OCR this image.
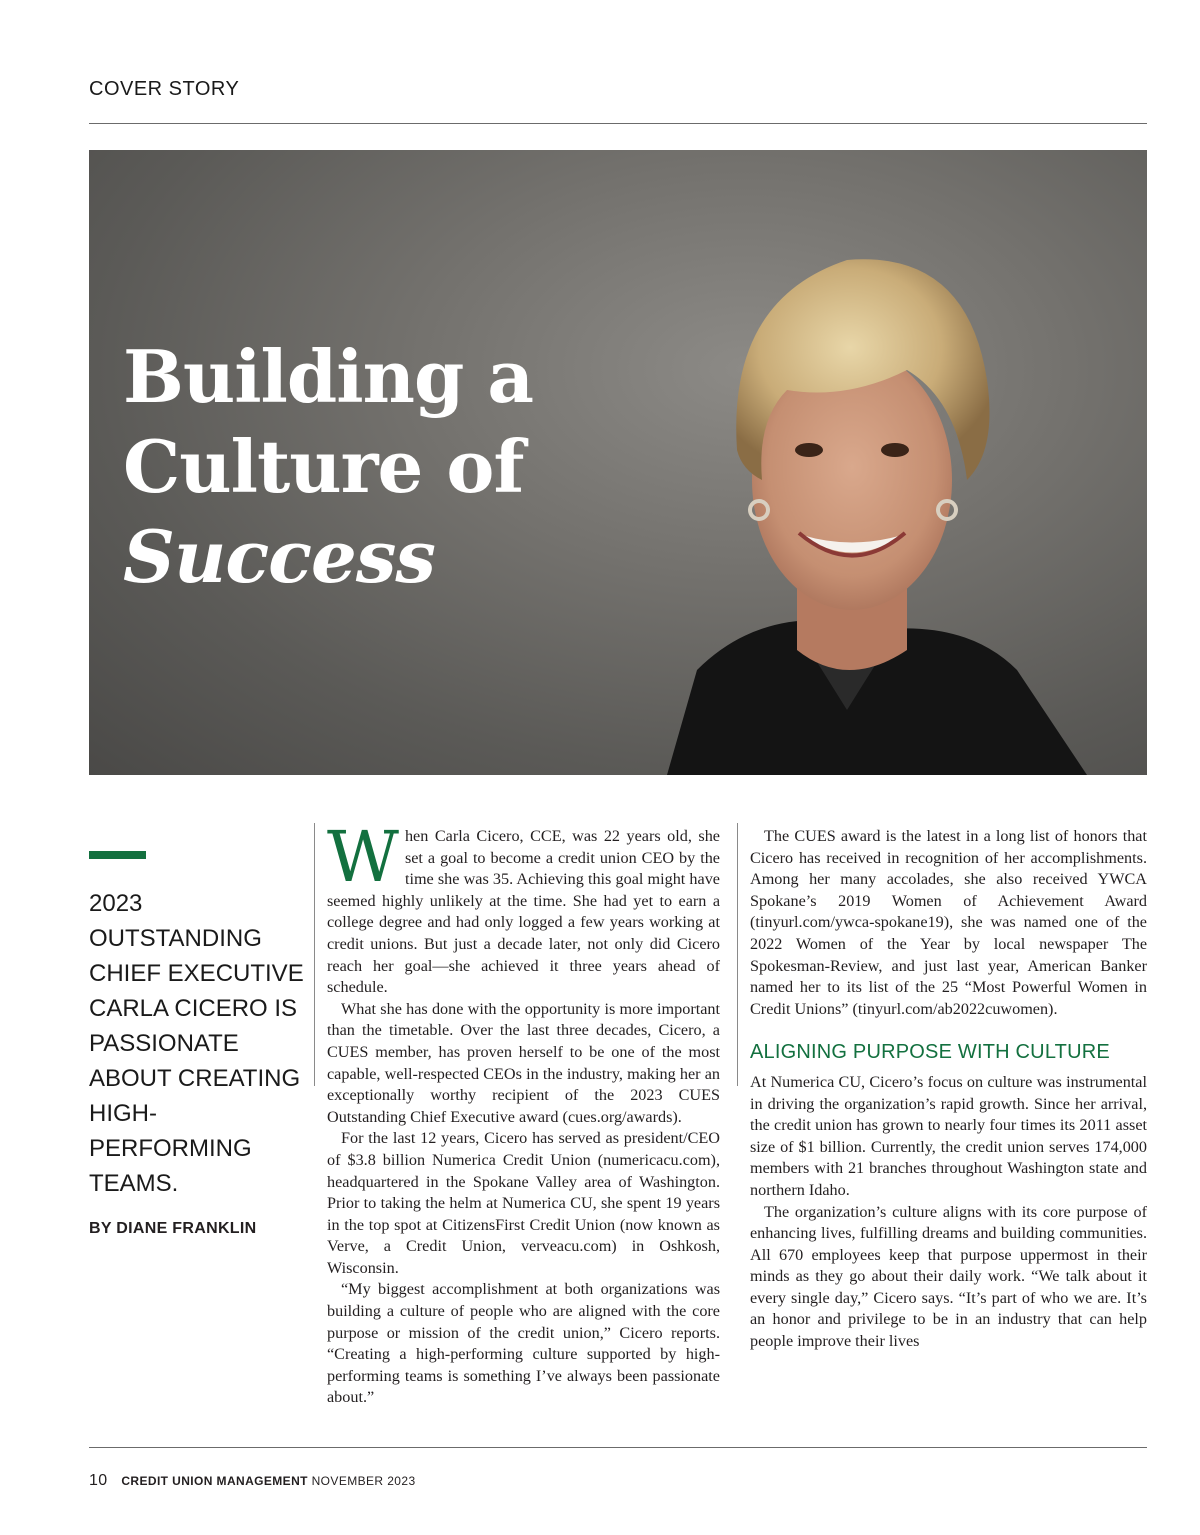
COVER STORY
Building a
Culture of
Success
2023 OUTSTANDING CHIEF EXECUTIVE CARLA CICERO IS PASSIONATE ABOUT CREATING HIGH-PERFORMING TEAMS.
BY DIANE FRANKLIN

When Carla Cicero, CCE, was 22 years old, she set a goal to become a credit union CEO by the time she was 35. Achieving this goal might have seemed highly unlikely at the time. She had yet to earn a college degree and had only logged a few years working at credit unions. But just a decade later, not only did Cicero reach her goal—she achieved it three years ahead of schedule.

What she has done with the opportunity is more important than the timetable. Over the last three decades, Cicero, a CUES member, has proven herself to be one of the most capable, well-respected CEOs in the industry, making her an exceptionally worthy recipient of the 2023 CUES Outstanding Chief Executive award (cues.org/awards).

For the last 12 years, Cicero has served as president/CEO of $3.8 billion Numerica Credit Union (numericacu.com), headquartered in the Spokane Valley area of Washington. Prior to taking the helm at Numerica CU, she spent 19 years in the top spot at CitizensFirst Credit Union (now known as Verve, a Credit Union, verveacu.com) in Oshkosh, Wisconsin.

“My biggest accomplishment at both organizations was building a culture of people who are aligned with the core purpose or mission of the credit union,” Cicero reports. “Creating a high-performing culture supported by high-performing teams is something I’ve always been passionate about.”

The CUES award is the latest in a long list of honors that Cicero has received in recognition of her accomplishments. Among her many accolades, she also received YWCA Spokane’s 2019 Women of Achievement Award (tinyurl.com/ywca-spokane19), she was named one of the 2022 Women of the Year by local newspaper The Spokesman-Review, and just last year, American Banker named her to its list of the 25 “Most Powerful Women in Credit Unions” (tinyurl.com/ab2022cuwomen).

ALIGNING PURPOSE WITH CULTURE

At Numerica CU, Cicero’s focus on culture was instrumental in driving the organization’s rapid growth. Since her arrival, the credit union has grown to nearly four times its 2011 asset size of $1 billion. Currently, the credit union serves 174,000 members with 21 branches throughout Washington state and northern Idaho.

The organization’s culture aligns with its core purpose of enhancing lives, fulfilling dreams and building communities. All 670 employees keep that purpose uppermost in their minds as they go about their daily work. “We talk about it every single day,” Cicero says. “It’s part of who we are. It’s an honor and privilege to be in an industry that can help people improve their lives

10 CREDIT UNION MANAGEMENT NOVEMBER 2023
